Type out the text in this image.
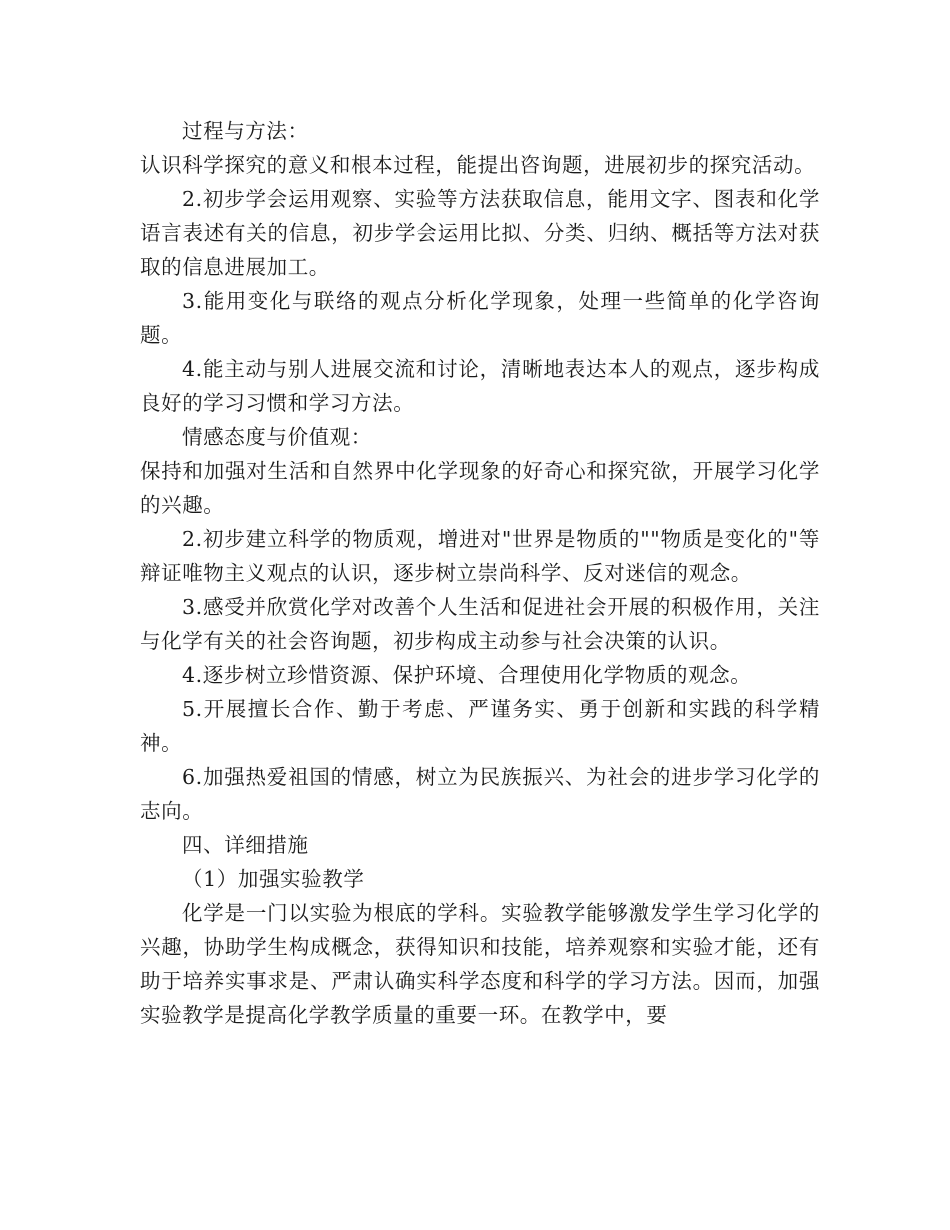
过程与方法：

认识科学探究的意义和根本过程，能提出咨询题，进展初步的探究活动。

2.初步学会运用观察、实验等方法获取信息，能用文字、图表和化学语言表述有关的信息，初步学会运用比拟、分类、归纳、概括等方法对获取的信息进展加工。

3.能用变化与联络的观点分析化学现象，处理一些简单的化学咨询题。

4.能主动与别人进展交流和讨论，清晰地表达本人的观点，逐步构成良好的学习习惯和学习方法。

情感态度与价值观：

保持和加强对生活和自然界中化学现象的好奇心和探究欲，开展学习化学的兴趣。

2.初步建立科学的物质观，增进对"世界是物质的""物质是变化的"等辩证唯物主义观点的认识，逐步树立崇尚科学、反对迷信的观念。

3.感受并欣赏化学对改善个人生活和促进社会开展的积极作用，关注与化学有关的社会咨询题，初步构成主动参与社会决策的认识。

4.逐步树立珍惜资源、保护环境、合理使用化学物质的观念。

5.开展擅长合作、勤于考虑、严谨务实、勇于创新和实践的科学精神。

6.加强热爱祖国的情感，树立为民族振兴、为社会的进步学习化学的志向。

四、详细措施

（1）加强实验教学

化学是一门以实验为根底的学科。实验教学能够激发学生学习化学的兴趣，协助学生构成概念，获得知识和技能，培养观察和实验才能，还有助于培养实事求是、严肃认确实科学态度和科学的学习方法。因而，加强实验教学是提高化学教学质量的重要一环。在教学中，要
